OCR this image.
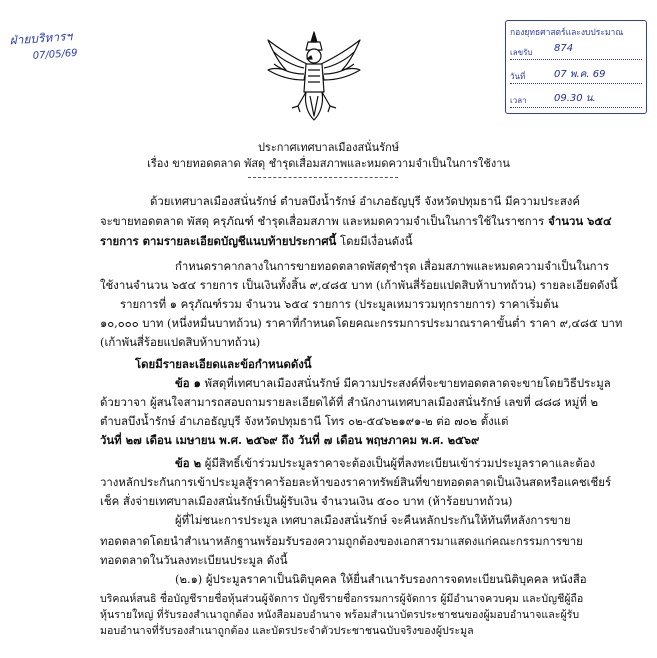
ฝ่ายบริหารฯ
07/05/69
กองยุทธศาสตร์และงบประมาณ
เลขรับ 874
วันที่	07 พ.ค. 69
เวลา	09.30 น.
ประกาศเทศบาลเมืองสนั่นรักษ์
เรื่อง ขายทอดตลาด พัสดุ ชำรุดเสื่อมสภาพและหมดความจำเป็นในการใช้งาน
ด้วยเทศบาลเมืองสนั่นรักษ์ ตำบลบึงน้ำรักษ์ อำเภอธัญบุรี จังหวัดปทุมธานี มีความประสงค์
จะขายทอดตลาด พัสดุ ครุภัณฑ์ ชำรุดเสื่อมสภาพ และหมดความจำเป็นในการใช้ในราชการ จำนวน ๖๕๔
รายการ ตามรายละเอียดบัญชีแนบท้ายประกาศนี้ โดยมีเงื่อนดังนี้
กำหนดราคากลางในการขายทอดตลาดพัสดุชำรุด เสื่อมสภาพและหมดความจำเป็นในการ
ใช้งานจำนวน ๖๕๔ รายการ เป็นเงินทั้งสิ้น ๙,๔๘๕ บาท (เก้าพันสี่ร้อยแปดสิบห้าบาทถ้วน) รายละเอียดดังนี้
รายการที่ ๑ ครุภัณฑ์รวม จำนวน ๖๕๔ รายการ (ประมูลเหมารวมทุกรายการ) ราคาเริ่มต้น
๑๐,๐๐๐ บาท (หนึ่งหมื่นบาทถ้วน) ราคาที่กำหนดโดยคณะกรรมการประมาณราคาขั้นต่ำ ราคา ๙,๔๘๕ บาท
(เก้าพันสี่ร้อยแปดสิบห้าบาทถ้วน)
โดยมีรายละเอียดและข้อกำหนดดังนี้
ข้อ ๑ พัสดุที่เทศบาลเมืองสนั่นรักษ์ มีความประสงค์ที่จะขายทอดตลาดจะขายโดยวิธีประมูล
ด้วยวาจา ผู้สนใจสามารถสอบถามรายละเอียดได้ที่ สำนักงานเทศบาลเมืองสนั่นรักษ์ เลขที่ ๘๘๘ หมู่ที่ ๒
ตำบลบึงน้ำรักษ์ อำเภอธัญบุรี จังหวัดปทุมธานี โทร ๐๒-๕๔๖๒๑๙๑-๒ ต่อ ๗๐๒ ตั้งแต่
วันที่ ๒๗ เดือน เมษายน พ.ศ. ๒๕๖๙ ถึง วันที่ ๗ เดือน พฤษภาคม พ.ศ. ๒๕๖๙
ข้อ ๒ ผู้มีสิทธิ์เข้าร่วมประมูลราคาจะต้องเป็นผู้ที่ลงทะเบียนเข้าร่วมประมูลราคาและต้อง
วางหลักประกันการเข้าประมูลสู้ราคาร้อยละห้าของราคาทรัพย์สินที่ขายทอดตลาดเป็นเงินสดหรือแคชเชียร์
เช็ค สั่งจ่ายเทศบาลเมืองสนั่นรักษ์เป็นผู้รับเงิน จำนวนเงิน ๕๐๐ บาท (ห้าร้อยบาทถ้วน)
ผู้ที่ไม่ชนะการประมูล เทศบาลเมืองสนั่นรักษ์ จะคืนหลักประกันให้ทันทีหลังการขาย
ทอดตลาดโดยนำสำเนาหลักฐานพร้อมรับรองความถูกต้องของเอกสารมาแสดงแก่คณะกรรมการขาย
ทอดตลาดในวันลงทะเบียนประมูล ดังนี้
(๒.๑) ผู้ประมูลราคาเป็นนิติบุคคล ให้ยื่นสำเนารับรองการจดทะเบียนนิติบุคคล หนังสือ
บริคณห์สนธิ ชื่อบัญชีรายชื่อหุ้นส่วนผู้จัดการ บัญชีรายชื่อกรรมการผู้จัดการ ผู้มีอำนาจควบคุม และบัญชีผู้ถือ
หุ้นรายใหญ่ ที่รับรองสำเนาถูกต้อง หนังสือมอบอำนาจ พร้อมสำเนาบัตรประชาชนของผู้มอบอำนาจและผู้รับ
มอบอำนาจที่รับรองสำเนาถูกต้อง และบัตรประจำตัวประชาชนฉบับจริงของผู้ประมูล
